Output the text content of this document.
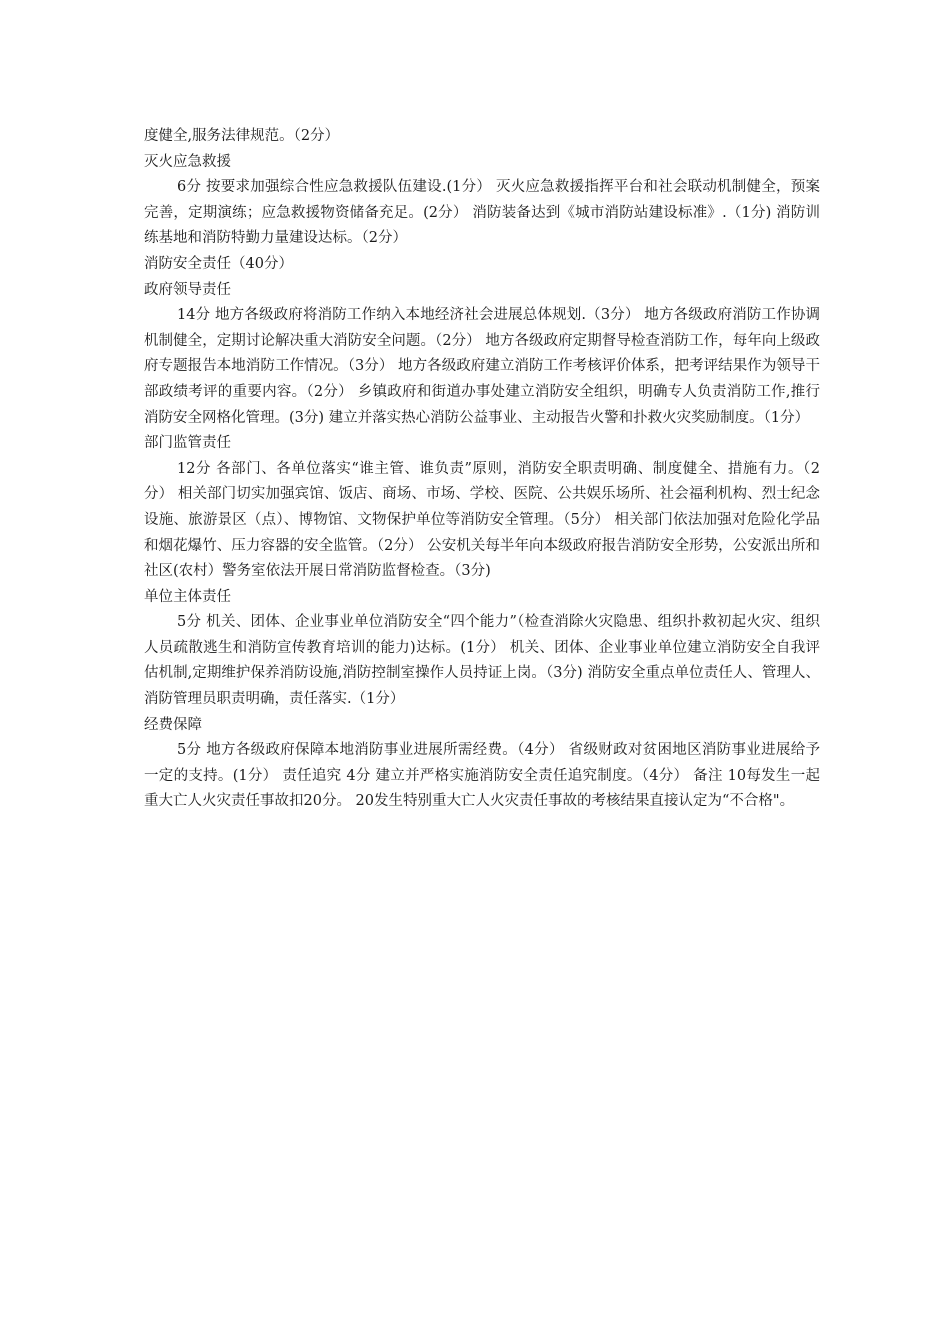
度健全,服务法律规范。（2分）

灭火应急救援

6分 按要求加强综合性应急救援队伍建设.(1分） 灭火应急救援指挥平台和社会联动机制健全，预案完善，定期演练；应急救援物资储备充足。(2分） 消防装备达到《城市消防站建设标准》.（1分) 消防训练基地和消防特勤力量建设达标。（2分）

消防安全责任（40分）

政府领导责任

14分 地方各级政府将消防工作纳入本地经济社会进展总体规划.（3分） 地方各级政府消防工作协调机制健全，定期讨论解决重大消防安全问题。（2分） 地方各级政府定期督导检查消防工作，每年向上级政府专题报告本地消防工作情况。（3分） 地方各级政府建立消防工作考核评价体系，把考评结果作为领导干部政绩考评的重要内容。（2分） 乡镇政府和街道办事处建立消防安全组织，明确专人负责消防工作,推行消防安全网格化管理。(3分) 建立并落实热心消防公益事业、主动报告火警和扑救火灾奖励制度。（1分）

部门监管责任

12分 各部门、各单位落实“谁主管、谁负责”原则，消防安全职责明确、制度健全、措施有力。（2分） 相关部门切实加强宾馆、饭店、商场、市场、学校、医院、公共娱乐场所、社会福利机构、烈士纪念设施、旅游景区（点）、博物馆、文物保护单位等消防安全管理。（5分） 相关部门依法加强对危险化学品和烟花爆竹、压力容器的安全监管。（2分） 公安机关每半年向本级政府报告消防安全形势，公安派出所和社区(农村）警务室依法开展日常消防监督检查。（3分)

单位主体责任

5分 机关、团体、企业事业单位消防安全“四个能力”（检查消除火灾隐患、组织扑救初起火灾、组织人员疏散逃生和消防宣传教育培训的能力)达标。(1分） 机关、团体、企业事业单位建立消防安全自我评估机制,定期维护保养消防设施,消防控制室操作人员持证上岗。（3分) 消防安全重点单位责任人、管理人、消防管理员职责明确，责任落实.（1分）

经费保障

5分 地方各级政府保障本地消防事业进展所需经费。（4分） 省级财政对贫困地区消防事业进展给予一定的支持。(1分） 责任追究 4分 建立并严格实施消防安全责任追究制度。（4分） 备注 10每发生一起重大亡人火灾责任事故扣20分。 20发生特别重大亡人火灾责任事故的考核结果直接认定为“不合格"。
